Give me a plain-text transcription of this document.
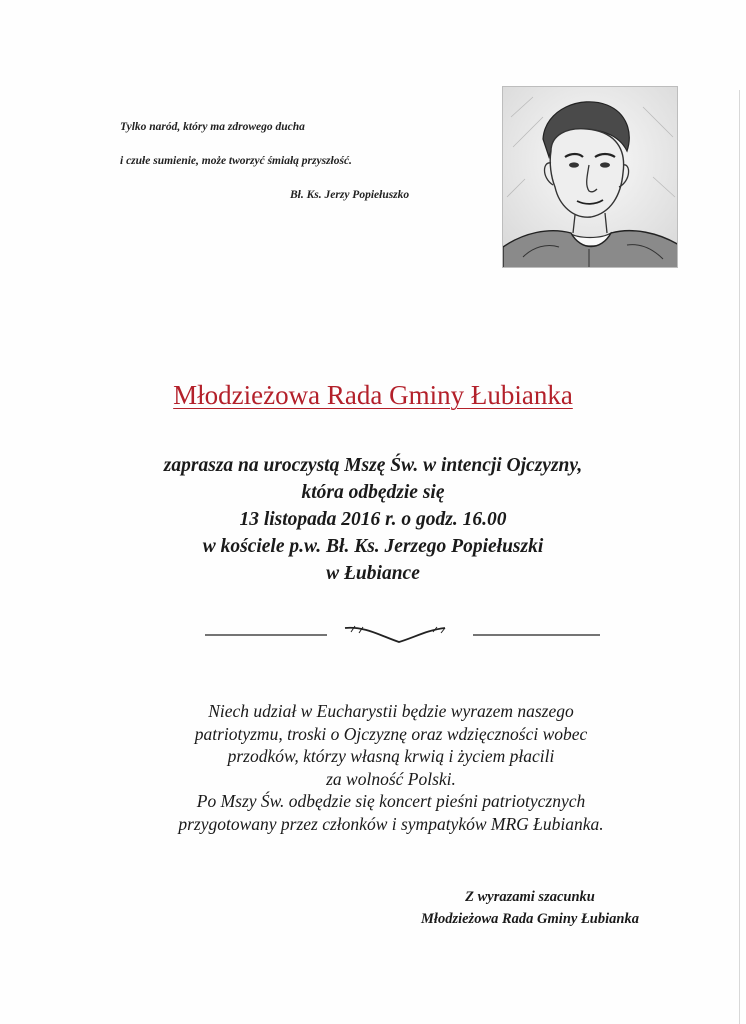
Tylko naród, który ma zdrowego ducha
i czułe sumienie, może tworzyć śmiałą przyszłość.
Bł. Ks. Jerzy Popiełuszko
Młodzieżowa Rada Gminy Łubianka
zaprasza na uroczystą Mszę Św. w intencji Ojczyzny,
która odbędzie się
13 listopada 2016 r. o godz. 16.00
w kościele p.w. Bł. Ks. Jerzego Popiełuszki
w Łubiance
Niech udział w Eucharystii będzie wyrazem naszego
patriotyzmu, troski o Ojczyznę oraz wdzięczności wobec
przodków, którzy własną krwią i życiem płacili
za wolność Polski.
Po Mszy Św. odbędzie się koncert pieśni patriotycznych
przygotowany przez członków i sympatyków MRG Łubianka.
Z wyrazami szacunku
Młodzieżowa Rada Gminy Łubianka
